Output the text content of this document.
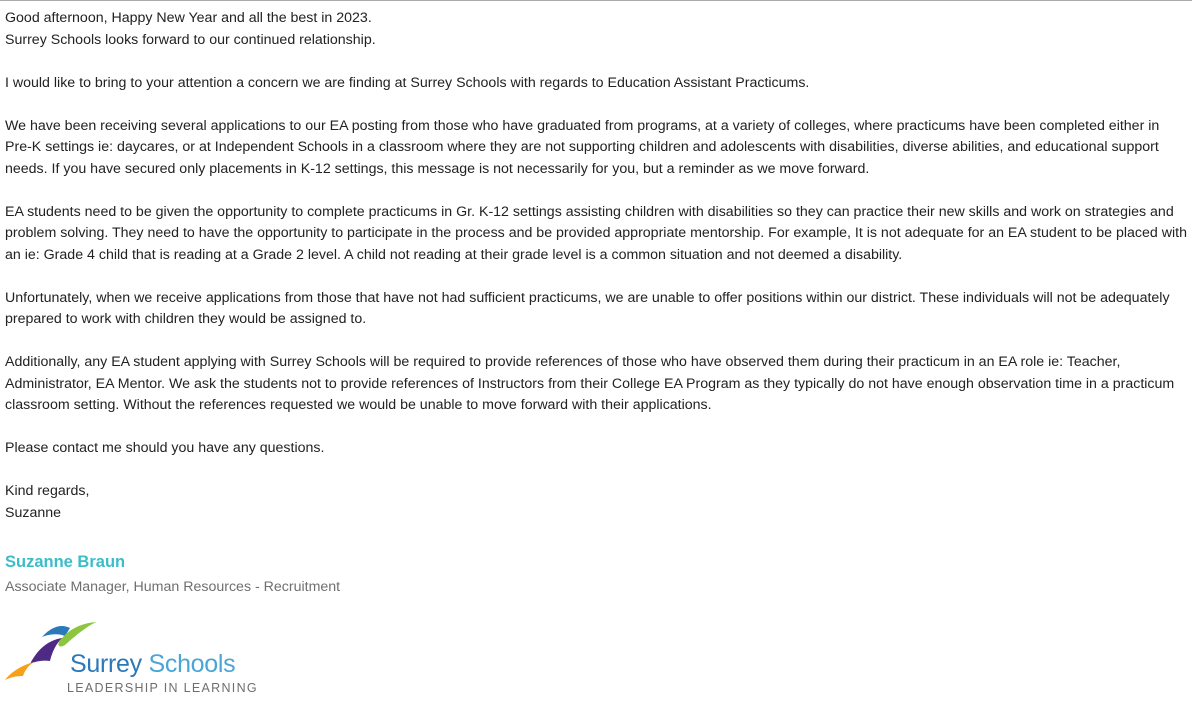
Good afternoon, Happy New Year and all the best in 2023.

Surrey Schools looks forward to our continued relationship.

I would like to bring to your attention a concern we are finding at Surrey Schools with regards to Education Assistant Practicums.

We have been receiving several applications to our EA posting from those who have graduated from programs, at a variety of colleges, where practicums have been completed either in Pre-K settings ie: daycares, or at Independent Schools in a classroom where they are not supporting children and adolescents with disabilities, diverse abilities, and educational support needs. If you have secured only placements in K-12 settings, this message is not necessarily for you, but a reminder as we move forward.

EA students need to be given the opportunity to complete practicums in Gr. K-12 settings assisting children with disabilities so they can practice their new skills and work on strategies and problem solving. They need to have the opportunity to participate in the process and be provided appropriate mentorship. For example, It is not adequate for an EA student to be placed with an ie: Grade 4 child that is reading at a Grade 2 level. A child not reading at their grade level is a common situation and not deemed a disability.

Unfortunately, when we receive applications from those that have not had sufficient practicums, we are unable to offer positions within our district. These individuals will not be adequately prepared to work with children they would be assigned to.

Additionally, any EA student applying with Surrey Schools will be required to provide references of those who have observed them during their practicum in an EA role ie: Teacher, Administrator, EA Mentor. We ask the students not to provide references of Instructors from their College EA Program as they typically do not have enough observation time in a practicum classroom setting. Without the references requested we would be unable to move forward with their applications.

Please contact me should you have any questions.

Kind regards,

Suzanne

Suzanne Braun
Associate Manager, Human Resources - Recruitment
Surrey Schools
LEADERSHIP IN LEARNING
